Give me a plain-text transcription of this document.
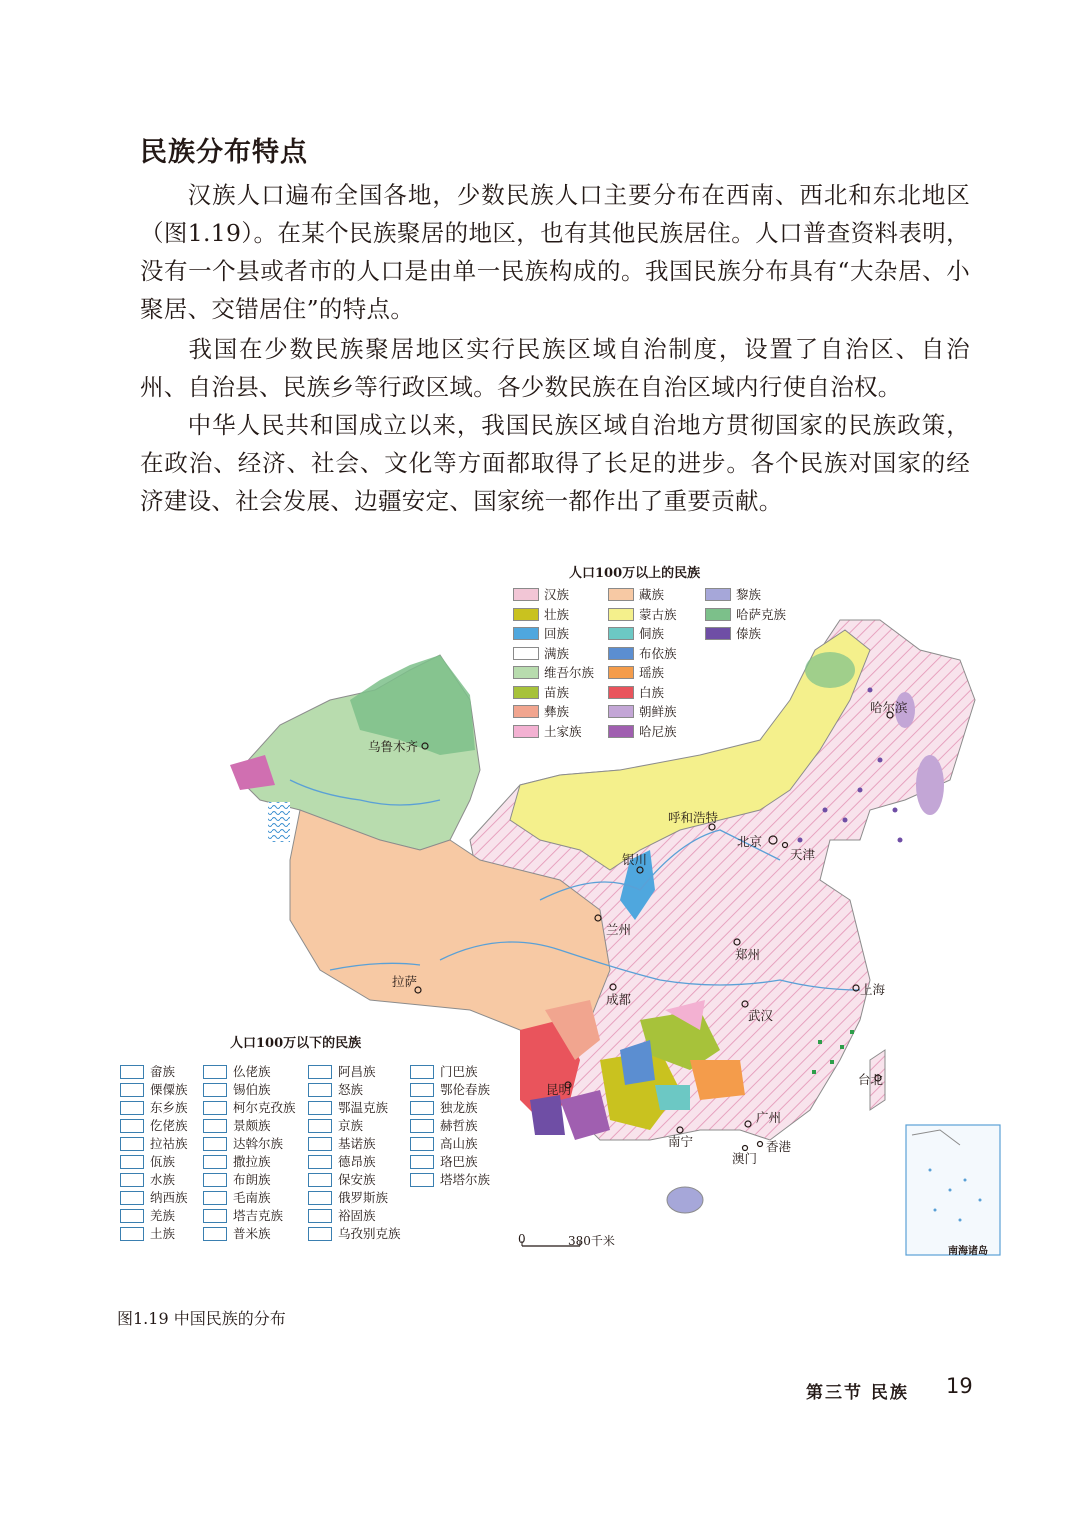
民族分布特点

汉族人口遍布全国各地，少数民族人口主要分布在西南、西北和东北地区（图1.19）。在某个民族聚居的地区，也有其他民族居住。人口普查资料表明，没有一个县或者市的人口是由单一民族构成的。我国民族分布具有“大杂居、小聚居、交错居住”的特点。

我国在少数民族聚居地区实行民族区域自治制度，设置了自治区、自治州、自治县、民族乡等行政区域。各少数民族在自治区域内行使自治权。

中华人民共和国成立以来，我国民族区域自治地方贯彻国家的民族政策，在政治、经济、社会、文化等方面都取得了长足的进步。各个民族对国家的经济建设、社会发展、边疆安定、国家统一都作出了重要贡献。

人口100万以上的民族
汉族
壮族
回族
满族
维吾尔族
苗族
彝族
土家族
藏族
蒙古族
侗族
布依族
瑶族
白族
朝鲜族
哈尼族
黎族
哈萨克族
傣族
人口100万以下的民族
畲族
傈僳族
东乡族
仡佬族
拉祜族
佤族
水族
纳西族
羌族
土族
仫佬族
锡伯族
柯尔克孜族
景颇族
达斡尔族
撒拉族
布朗族
毛南族
塔吉克族
普米族
阿昌族
怒族
鄂温克族
京族
基诺族
德昂族
保安族
俄罗斯族
裕固族
乌孜别克族
门巴族
鄂伦春族
独龙族
赫哲族
高山族
珞巴族
塔塔尔族
乌鲁木齐
哈尔滨
呼和浩特
北京
天津
银川
兰州
郑州
拉萨
成都
武汉
上海
昆明
南宁
广州
香港
澳门
台北
0	380千米
南海诸岛
图1.19 中国民族的分布
第三节 民族 19
